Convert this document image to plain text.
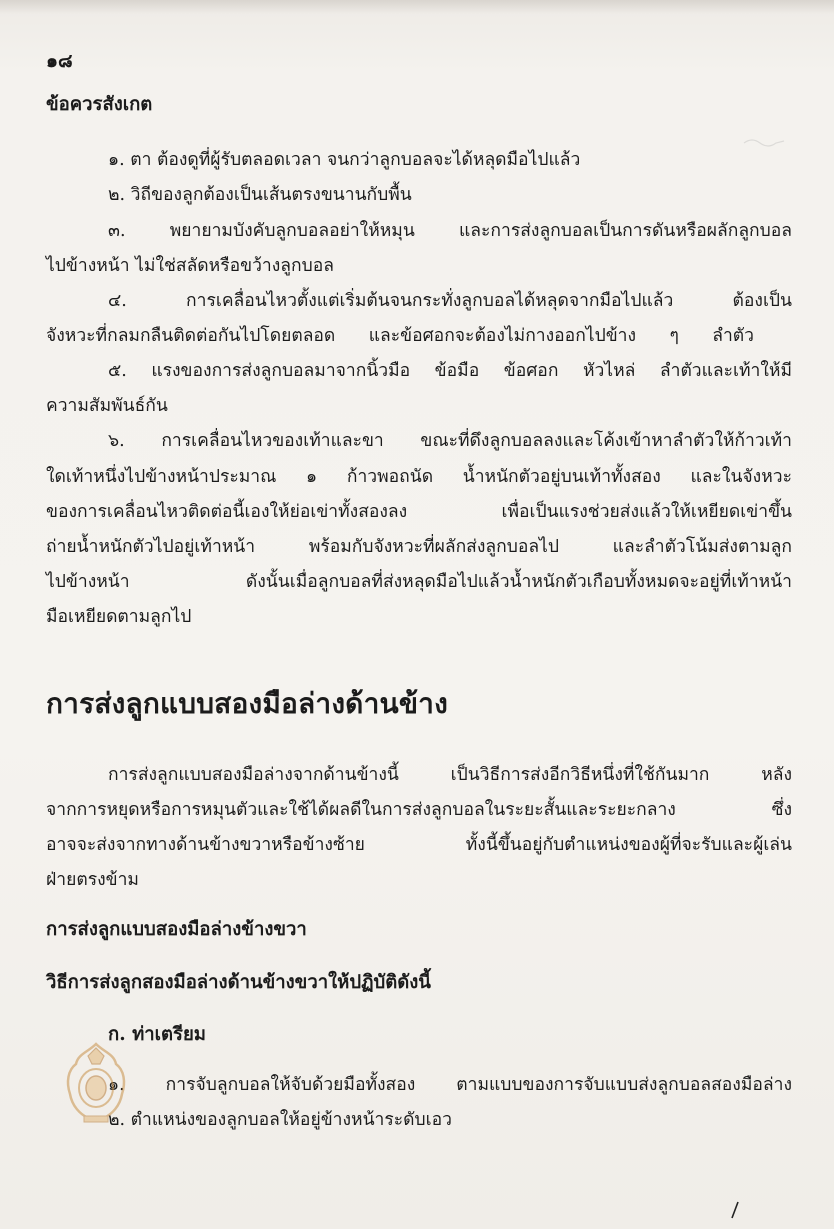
๑๘
ข้อควรสังเกต
๑. ตา ต้องดูที่ผู้รับตลอดเวลา จนกว่าลูกบอลจะได้หลุดมือไปแล้ว
๒. วิถีของลูกต้องเป็นเส้นตรงขนานกับพื้น
๓. พยายามบังคับลูกบอลอย่าให้หมุน และการส่งลูกบอลเป็นการดันหรือผลักลูกบอล
ไปข้างหน้า ไม่ใช่สลัดหรือขว้างลูกบอล
๔. การเคลื่อนไหวตั้งแต่เริ่มต้นจนกระทั่งลูกบอลได้หลุดจากมือไปแล้ว ต้องเป็น
จังหวะที่กลมกลืนติดต่อกันไปโดยตลอด และข้อศอกจะต้องไม่กางออกไปข้าง ๆ ลำตัว
๕. แรงของการส่งลูกบอลมาจากนิ้วมือ ข้อมือ ข้อศอก หัวไหล่ ลำตัวและเท้าให้มี
ความสัมพันธ์กัน
๖. การเคลื่อนไหวของเท้าและขา ขณะที่ดึงลูกบอลลงและโค้งเข้าหาลำตัวให้ก้าวเท้า
ใดเท้าหนึ่งไปข้างหน้าประมาณ ๑ ก้าวพอถนัด น้ำหนักตัวอยู่บนเท้าทั้งสอง และในจังหวะ
ของการเคลื่อนไหวติดต่อนี้เองให้ย่อเข่าทั้งสองลง เพื่อเป็นแรงช่วยส่งแล้วให้เหยียดเข่าขึ้น
ถ่ายน้ำหนักตัวไปอยู่เท้าหน้า พร้อมกับจังหวะที่ผลักส่งลูกบอลไป และลำตัวโน้มส่งตามลูก
ไปข้างหน้า ดังนั้นเมื่อลูกบอลที่ส่งหลุดมือไปแล้วน้ำหนักตัวเกือบทั้งหมดจะอยู่ที่เท้าหน้า
มือเหยียดตามลูกไป
การส่งลูกแบบสองมือล่างด้านข้าง
การส่งลูกแบบสองมือล่างจากด้านข้างนี้ เป็นวิธีการส่งอีกวิธีหนึ่งที่ใช้กันมาก หลัง
จากการหยุดหรือการหมุนตัวและใช้ได้ผลดีในการส่งลูกบอลในระยะสั้นและระยะกลาง ซึ่ง
อาจจะส่งจากทางด้านข้างขวาหรือข้างซ้าย ทั้งนี้ขึ้นอยู่กับตำแหน่งของผู้ที่จะรับและผู้เล่น
ฝ่ายตรงข้าม
การส่งลูกแบบสองมือล่างข้างขวา
วิธีการส่งลูกสองมือล่างด้านข้างขวาให้ปฏิบัติดังนี้
ก. ท่าเตรียม
๑. การจับลูกบอลให้จับด้วยมือทั้งสอง ตามแบบของการจับแบบส่งลูกบอลสองมือล่าง
๒. ตำแหน่งของลูกบอลให้อยู่ข้างหน้าระดับเอว
